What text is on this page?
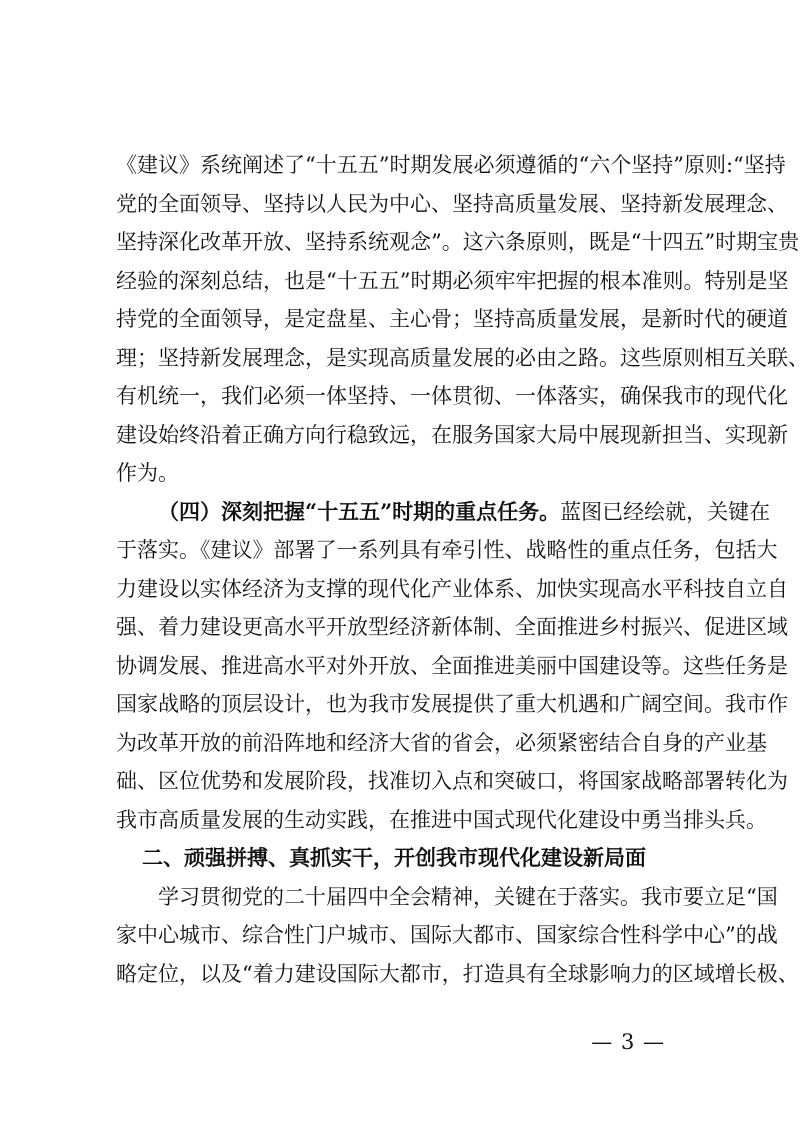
《建议》系统阐述了“十五五”时期发展必须遵循的“六个坚持”原则:“坚持
党的全面领导、坚持以人民为中心、坚持高质量发展、坚持新发展理念、
坚持深化改革开放、坚持系统观念”。这六条原则，既是“十四五”时期宝贵
经验的深刻总结，也是“十五五”时期必须牢牢把握的根本准则。特别是坚
持党的全面领导，是定盘星、主心骨；坚持高质量发展，是新时代的硬道
理；坚持新发展理念，是实现高质量发展的必由之路。这些原则相互关联、
有机统一，我们必须一体坚持、一体贯彻、一体落实，确保我市的现代化
建设始终沿着正确方向行稳致远，在服务国家大局中展现新担当、实现新
作为。
（四）深刻把握“十五五”时期的重点任务。蓝图已经绘就，关键在
于落实。《建议》部署了一系列具有牵引性、战略性的重点任务，包括大
力建设以实体经济为支撑的现代化产业体系、加快实现高水平科技自立自
强、着力建设更高水平开放型经济新体制、全面推进乡村振兴、促进区域
协调发展、推进高水平对外开放、全面推进美丽中国建设等。这些任务是
国家战略的顶层设计，也为我市发展提供了重大机遇和广阔空间。我市作
为改革开放的前沿阵地和经济大省的省会，必须紧密结合自身的产业基
础、区位优势和发展阶段，找准切入点和突破口，将国家战略部署转化为
我市高质量发展的生动实践，在推进中国式现代化建设中勇当排头兵。
二、顽强拼搏、真抓实干，开创我市现代化建设新局面
学习贯彻党的二十届四中全会精神，关键在于落实。我市要立足“国
家中心城市、综合性门户城市、国际大都市、国家综合性科学中心”的战
略定位，以及“着力建设国际大都市，打造具有全球影响力的区域增长极、
— 3 —
